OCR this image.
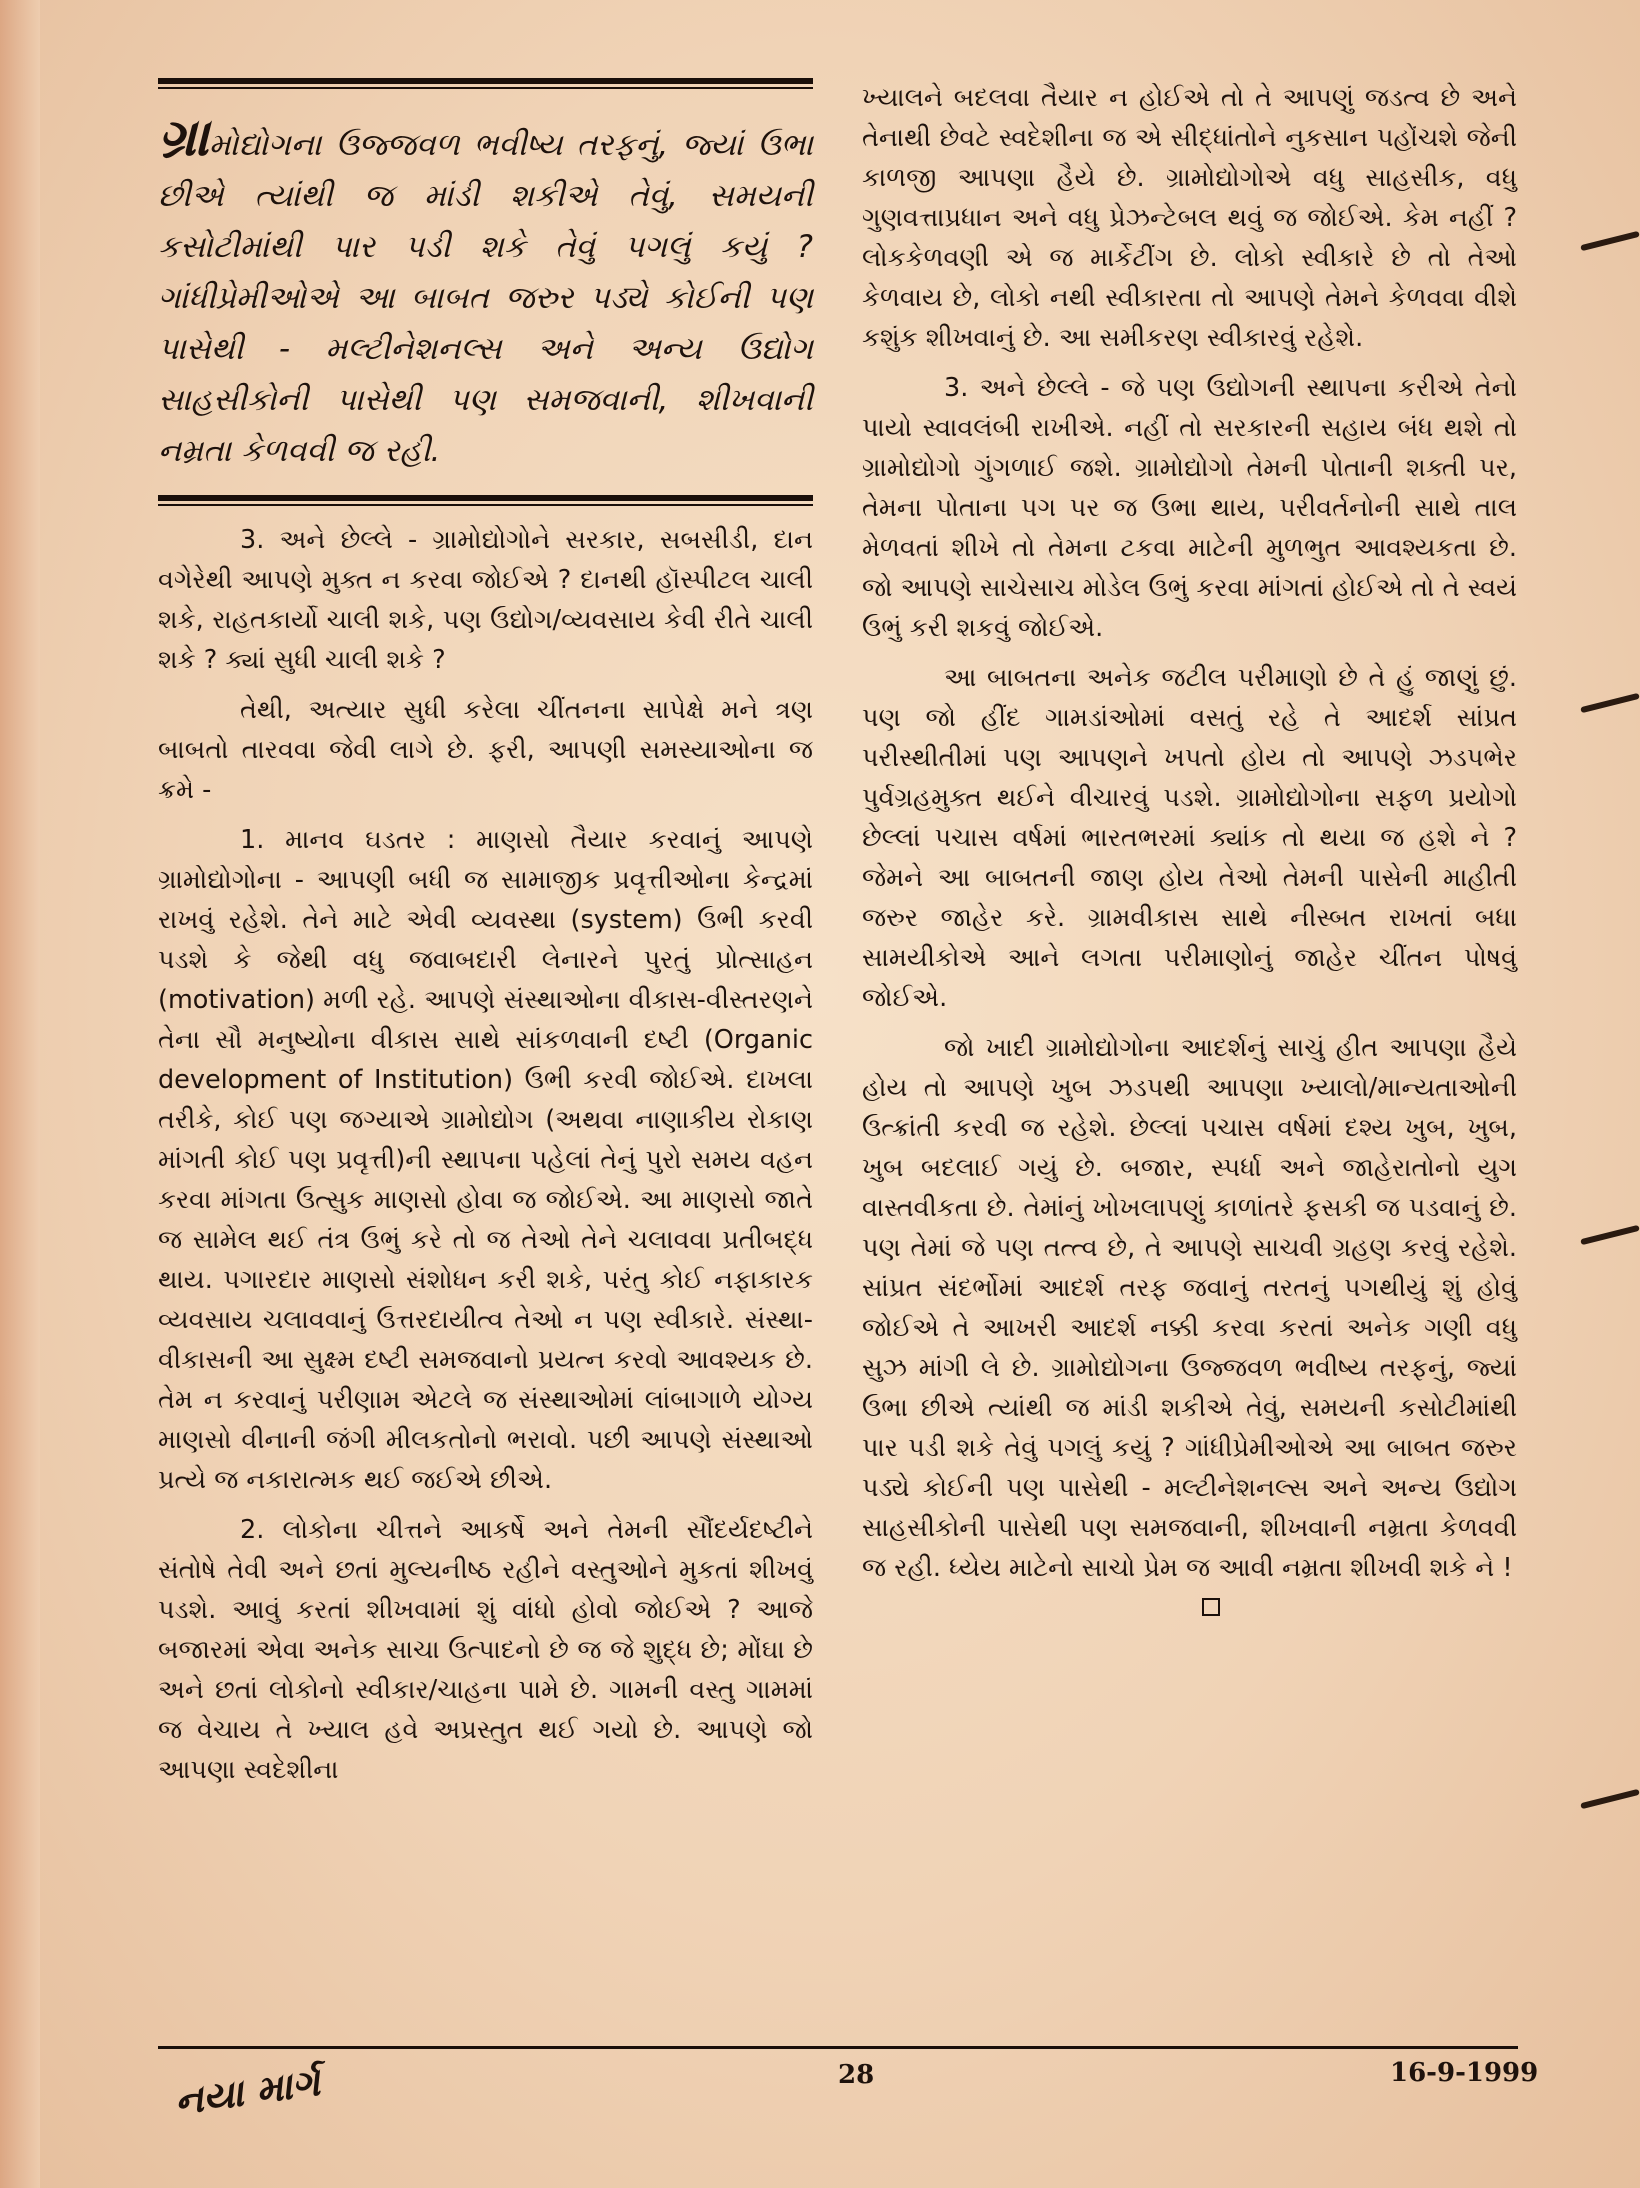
ગ્રામોદ્યોગના ઉજ્જવળ ભવીષ્ય તરફનું, જ્યાં ઉભા છીએ ત્યાંથી જ માંડી શકીએ તેવું, સમયની કસોટીમાંથી પાર પડી શકે તેવું પગલું કયું ? ગાંધીપ્રેમીઓએ આ બાબત જરુર પડ્યે કોઈની પણ પાસેથી - મલ્ટીનેશનલ્સ અને અન્ય ઉદ્યોગ સાહસીકોની પાસેથી પણ સમજવાની, શીખવાની નમ્રતા કેળવવી જ રહી.

3. અને છેલ્લે - ગ્રામોદ્યોગોને સરકાર, સબસીડી, દાન વગેરેથી આપણે મુક્ત ન કરવા જોઈએ ? દાનથી હૉસ્પીટલ ચાલી શકે, રાહતકાર્યો ચાલી શકે, પણ ઉદ્યોગ/વ્યવસાય કેવી રીતે ચાલી શકે ? ક્યાં સુધી ચાલી શકે ?

તેથી, અત્યાર સુધી કરેલા ચીંતનના સાપેક્ષે મને ત્રણ બાબતો તારવવા જેવી લાગે છે. ફરી, આપણી સમસ્યાઓના જ ક્રમે -

1. માનવ ઘડતર : માણસો તૈયાર કરવાનું આપણે ગ્રામોદ્યોગોના - આપણી બધી જ સામાજીક પ્રવૃત્તીઓના કેન્દ્રમાં રાખવું રહેશે. તેને માટે એવી વ્યવસ્થા (system) ઉભી કરવી પડશે કે જેથી વધુ જવાબદારી લેનારને પુરતું પ્રોત્સાહન (motivation) મળી રહે. આપણે સંસ્થાઓના વીકાસ-વીસ્તરણને તેના સૌ મનુષ્યોના વીકાસ સાથે સાંકળવાની દષ્ટી (Organic development of Institution) ઉભી કરવી જોઈએ. દાખલા તરીકે, કોઈ પણ જગ્યાએ ગ્રામોદ્યોગ (અથવા નાણાકીય રોકાણ માંગતી કોઈ પણ પ્રવૃત્તી)ની સ્થાપના પહેલાં તેનું પુરો સમય વહન કરવા માંગતા ઉત્સુક માણસો હોવા જ જોઈએ. આ માણસો જાતે જ સામેલ થઈ તંત્ર ઉભું કરે તો જ તેઓ તેને ચલાવવા પ્રતીબદ્ધ થાય. પગારદાર માણસો સંશોધન કરી શકે, પરંતુ કોઈ નફાકારક વ્યવસાય ચલાવવાનું ઉત્તરદાયીત્વ તેઓ ન પણ સ્વીકારે. સંસ્થા-વીકાસની આ સુક્ષ્મ દષ્ટી સમજવાનો પ્રયત્ન કરવો આવશ્યક છે. તેમ ન કરવાનું પરીણામ એટલે જ સંસ્થાઓમાં લાંબાગાળે યોગ્ય માણસો વીનાની જંગી મીલકતોનો ભરાવો. પછી આપણે સંસ્થાઓ પ્રત્યે જ નકારાત્મક થઈ જઈએ છીએ.

2. લોકોના ચીત્તને આકર્ષે અને તેમની સૌંદર્યદષ્ટીને સંતોષે તેવી અને છતાં મુલ્યનીષ્ઠ રહીને વસ્તુઓને મુકતાં શીખવું પડશે. આવું કરતાં શીખવામાં શું વાંધો હોવો જોઈએ ? આજે બજારમાં એવા અનેક સાચા ઉત્પાદનો છે જ જે શુદ્ધ છે; મોંઘા છે અને છતાં લોકોનો સ્વીકાર/ચાહના પામે છે. ગામની વસ્તુ ગામમાં જ વેચાય તે ખ્યાલ હવે અપ્રસ્તુત થઈ ગયો છે. આપણે જો આપણા સ્વદેશીના

ખ્યાલને બદલવા તૈયાર ન હોઈએ તો તે આપણું જડત્વ છે અને તેનાથી છેવટે સ્વદેશીના જ એ સીદ્ધાંતોને નુકસાન પહોંચશે જેની કાળજી આપણા હૈયે છે. ગ્રામોદ્યોગોએ વધુ સાહસીક, વધુ ગુણવત્તાપ્રધાન અને વધુ પ્રેઝન્ટેબલ થવું જ જોઈએ. કેમ નહીં ? લોકકેળવણી એ જ માર્કેટીંગ છે. લોકો સ્વીકારે છે તો તેઓ કેળવાય છે, લોકો નથી સ્વીકારતા તો આપણે તેમને કેળવવા વીશે કશુંક શીખવાનું છે. આ સમીકરણ સ્વીકારવું રહેશે.

3. અને છેલ્લે - જે પણ ઉદ્યોગની સ્થાપના કરીએ તેનો પાયો સ્વાવલંબી રાખીએ. નહીં તો સરકારની સહાય બંધ થશે તો ગ્રામોદ્યોગો ગુંગળાઈ જશે. ગ્રામોદ્યોગો તેમની પોતાની શક્તી પર, તેમના પોતાના પગ પર જ ઉભા થાય, પરીવર્તનોની સાથે તાલ મેળવતાં શીખે તો તેમના ટકવા માટેની મુળભુત આવશ્યકતા છે. જો આપણે સાચેસાચ મોડેલ ઉભું કરવા માંગતાં હોઈએ તો તે સ્વયં ઉભું કરી શકવું જોઈએ.

આ બાબતના અનેક જટીલ પરીમાણો છે તે હું જાણું છું. પણ જો હીંદ ગામડાંઓમાં વસતું રહે તે આદર્શ સાંપ્રત પરીસ્થીતીમાં પણ આપણને ખપતો હોય તો આપણે ઝડપભેર પુર્વગ્રહમુક્ત થઈને વીચારવું પડશે. ગ્રામોદ્યોગોના સફળ પ્રયોગો છેલ્લાં પચાસ વર્ષમાં ભારતભરમાં ક્યાંક તો થયા જ હશે ને ? જેમને આ બાબતની જાણ હોય તેઓ તેમની પાસેની માહીતી જરુર જાહેર કરે. ગ્રામવીકાસ સાથે નીસ્બત રાખતાં બધા સામયીકોએ આને લગતા પરીમાણોનું જાહેર ચીંતન પોષવું જોઈએ.

જો ખાદી ગ્રામોદ્યોગોના આદર્શનું સાચું હીત આપણા હૈયે હોય તો આપણે ખુબ ઝડપથી આપણા ખ્યાલો/માન્યતાઓની ઉત્ક્રાંતી કરવી જ રહેશે. છેલ્લાં પચાસ વર્ષમાં દશ્ય ખુબ, ખુબ, ખુબ બદલાઈ ગયું છે. બજાર, સ્પર્ધા અને જાહેરાતોનો યુગ વાસ્તવીકતા છે. તેમાંનું ખોખલાપણું કાળાંતરે ફસકી જ પડવાનું છે. પણ તેમાં જે પણ તત્ત્વ છે, તે આપણે સાચવી ગ્રહણ કરવું રહેશે. સાંપ્રત સંદર્ભોમાં આદર્શ તરફ જવાનું તરતનું પગથીયું શું હોવું જોઈએ તે આખરી આદર્શ નક્કી કરવા કરતાં અનેક ગણી વધુ સુઝ માંગી લે છે. ગ્રામોદ્યોગના ઉજ્જવળ ભવીષ્ય તરફનું, જ્યાં ઉભા છીએ ત્યાંથી જ માંડી શકીએ તેવું, સમયની કસોટીમાંથી પાર પડી શકે તેવું પગલું કયું ? ગાંધીપ્રેમીઓએ આ બાબત જરુર પડ્યે કોઈની પણ પાસેથી - મલ્ટીનેશનલ્સ અને અન્ય ઉદ્યોગ સાહસીકોની પાસેથી પણ સમજવાની, શીખવાની નમ્રતા કેળવવી જ રહી. ધ્યેય માટેનો સાચો પ્રેમ જ આવી નમ્રતા શીખવી શકે ને !

28	16-9-1999
નયા માર્ગ
